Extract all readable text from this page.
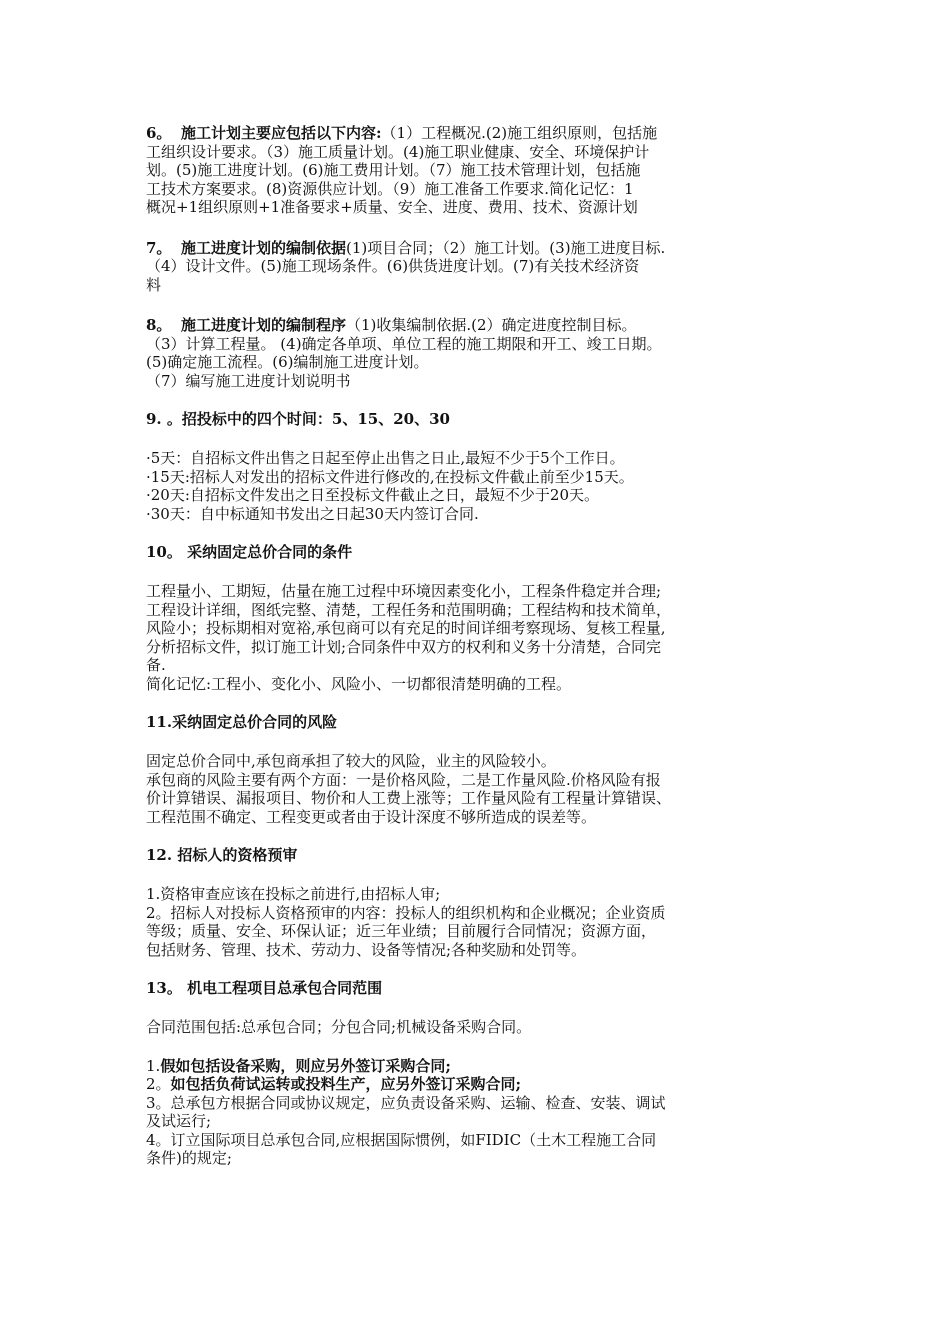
6。 施工计划主要应包括以下内容:（1）工程概况.(2)施工组织原则，包括施

工组织设计要求。（3）施工质量计划。(4)施工职业健康、安全、环境保护计

划。(5)施工进度计划。(6)施工费用计划。（7）施工技术管理计划，包括施

工技术方案要求。(8)资源供应计划。（9）施工准备工作要求.简化记忆：1

概况+1组织原则+1准备要求+质量、安全、进度、费用、技术、资源计划

7。 施工进度计划的编制依据(1)项目合同；（2）施工计划。(3)施工进度目标.

（4）设计文件。(5)施工现场条件。(6)供货进度计划。(7)有关技术经济资

料

8。 施工进度计划的编制程序（1)收集编制依据.(2）确定进度控制目标。

（3）计算工程量。 (4)确定各单项、单位工程的施工期限和开工、竣工日期。

(5)确定施工流程。(6)编制施工进度计划。

（7）编写施工进度计划说明书

9. 。招投标中的四个时间：5、15、20、30

·5天：自招标文件出售之日起至停止出售之日止,最短不少于5个工作日。

·15天:招标人对发出的招标文件进行修改的,在投标文件截止前至少15天。

·20天:自招标文件发出之日至投标文件截止之日，最短不少于20天。

·30天：自中标通知书发出之日起30天内签订合同.

10。 采纳固定总价合同的条件

工程量小、工期短，估量在施工过程中环境因素变化小，工程条件稳定并合理;

工程设计详细，图纸完整、清楚，工程任务和范围明确；工程结构和技术简单，

风险小；投标期相对宽裕,承包商可以有充足的时间详细考察现场、复核工程量,

分析招标文件，拟订施工计划;合同条件中双方的权利和义务十分清楚，合同完

备.

简化记忆:工程小、变化小、风险小、一切都很清楚明确的工程。

11.采纳固定总价合同的风险

固定总价合同中,承包商承担了较大的风险，业主的风险较小。

承包商的风险主要有两个方面：一是价格风险，二是工作量风险.价格风险有报

价计算错误、漏报项目、物价和人工费上涨等；工作量风险有工程量计算错误、

工程范围不确定、工程变更或者由于设计深度不够所造成的误差等。

12. 招标人的资格预审

1.资格审查应该在投标之前进行,由招标人审;

2。招标人对投标人资格预审的内容：投标人的组织机构和企业概况；企业资质

等级；质量、安全、环保认证；近三年业绩；目前履行合同情况；资源方面，

包括财务、管理、技术、劳动力、设备等情况;各种奖励和处罚等。

13。 机电工程项目总承包合同范围

合同范围包括:总承包合同；分包合同;机械设备采购合同。

1.假如包括设备采购，则应另外签订采购合同;

2。如包括负荷试运转或投料生产，应另外签订采购合同;

3。总承包方根据合同或协议规定，应负责设备采购、运输、检查、安装、调试

及试运行;

4。订立国际项目总承包合同,应根据国际惯例，如FIDIC（土木工程施工合同

条件)的规定;
